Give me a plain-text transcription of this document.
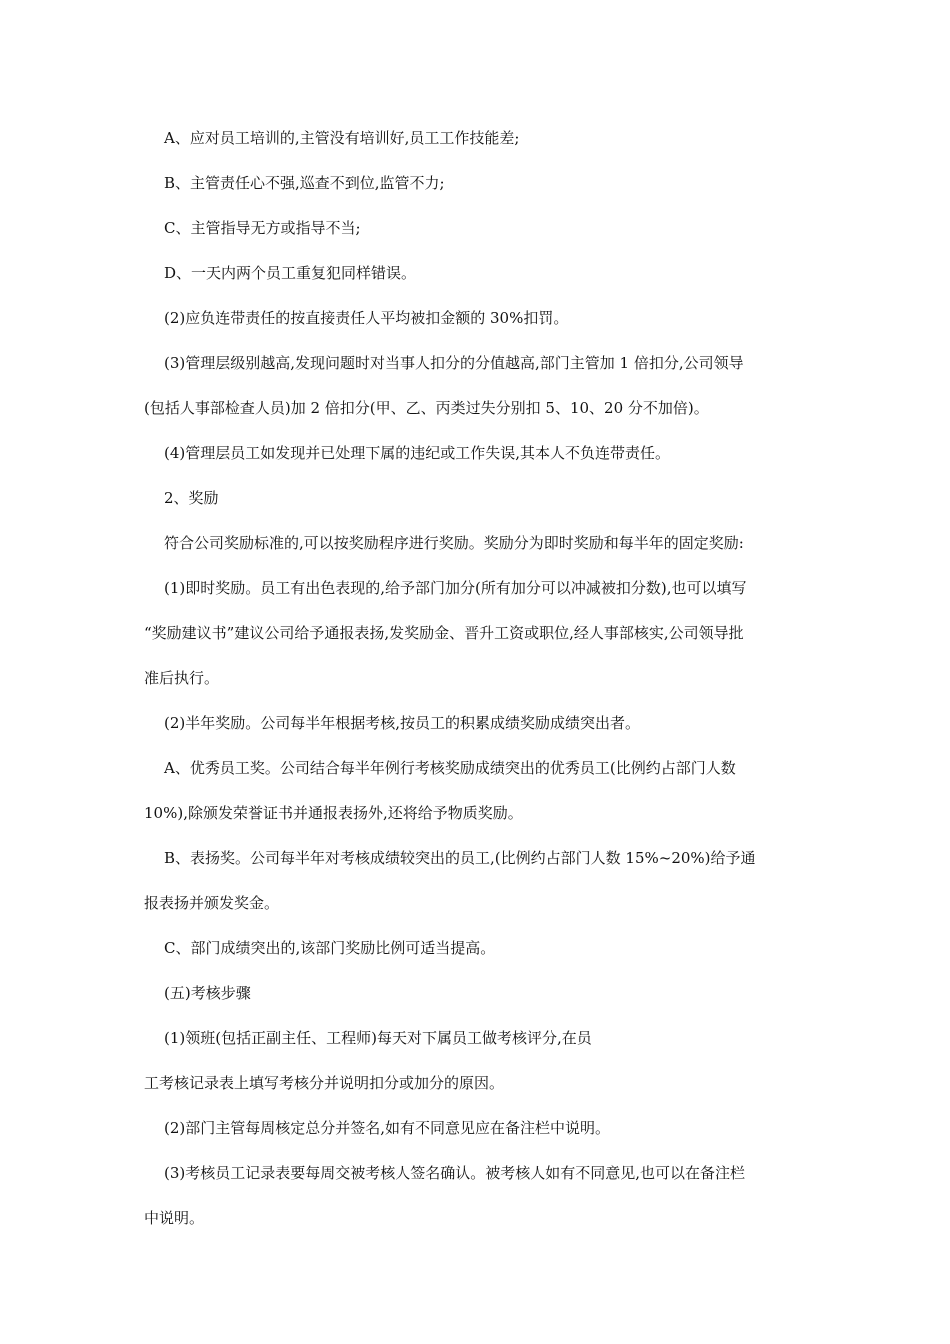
A、应对员工培训的,主管没有培训好,员工工作技能差;
B、主管责任心不强,巡查不到位,监管不力;
C、主管指导无方或指导不当;
D、一天内两个员工重复犯同样错误。
(2)应负连带责任的按直接责任人平均被扣金额的 30%扣罚。
(3)管理层级别越高,发现问题时对当事人扣分的分值越高,部门主管加 1 倍扣分,公司领导
(包括人事部检查人员)加 2 倍扣分(甲、乙、丙类过失分别扣 5、10、20 分不加倍)。
(4)管理层员工如发现并已处理下属的违纪或工作失误,其本人不负连带责任。
2、奖励
符合公司奖励标准的,可以按奖励程序进行奖励。奖励分为即时奖励和每半年的固定奖励:
(1)即时奖励。员工有出色表现的,给予部门加分(所有加分可以冲减被扣分数),也可以填写
“奖励建议书”建议公司给予通报表扬,发奖励金、晋升工资或职位,经人事部核实,公司领导批
准后执行。
(2)半年奖励。公司每半年根据考核,按员工的积累成绩奖励成绩突出者。
A、优秀员工奖。公司结合每半年例行考核奖励成绩突出的优秀员工(比例约占部门人数
10%),除颁发荣誉证书并通报表扬外,还将给予物质奖励。
B、表扬奖。公司每半年对考核成绩较突出的员工,(比例约占部门人数 15%~20%)给予通
报表扬并颁发奖金。
C、部门成绩突出的,该部门奖励比例可适当提高。
(五)考核步骤
(1)领班(包括正副主任、工程师)每天对下属员工做考核评分,在员
工考核记录表上填写考核分并说明扣分或加分的原因。
(2)部门主管每周核定总分并签名,如有不同意见应在备注栏中说明。
(3)考核员工记录表要每周交被考核人签名确认。被考核人如有不同意见,也可以在备注栏
中说明。
